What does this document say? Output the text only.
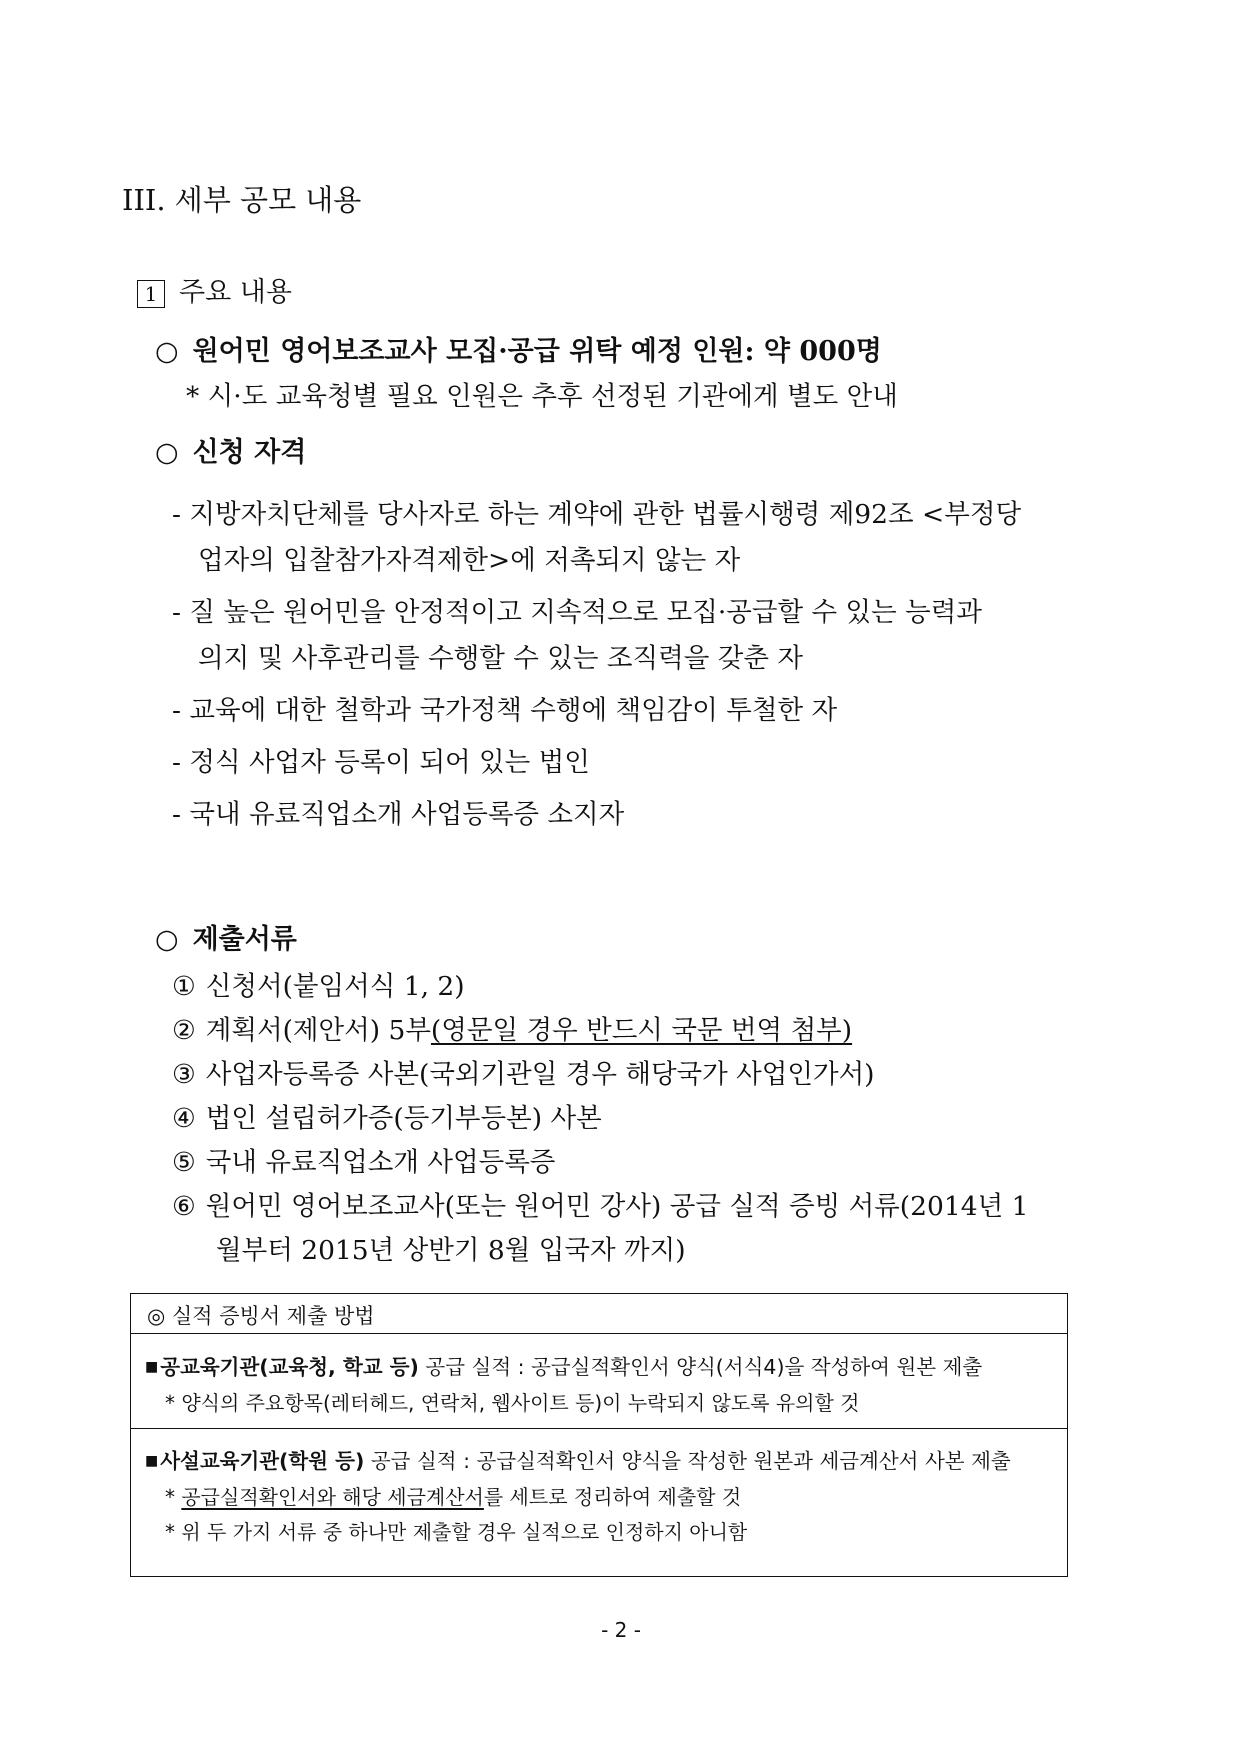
III. 세부 공모 내용
1 주요 내용
○ 원어민 영어보조교사 모집·공급 위탁 예정 인원: 약 000명
* 시·도 교육청별 필요 인원은 추후 선정된 기관에게 별도 안내
○ 신청 자격
- 지방자치단체를 당사자로 하는 계약에 관한 법률시행령 제92조 <부정당
업자의 입찰참가자격제한>에 저촉되지 않는 자
- 질 높은 원어민을 안정적이고 지속적으로 모집·공급할 수 있는 능력과
의지 및 사후관리를 수행할 수 있는 조직력을 갖춘 자
- 교육에 대한 철학과 국가정책 수행에 책임감이 투철한 자
- 정식 사업자 등록이 되어 있는 법인
- 국내 유료직업소개 사업등록증 소지자
○ 제출서류
① 신청서(붙임서식 1, 2)
② 계획서(제안서) 5부(영문일 경우 반드시 국문 번역 첨부)
③ 사업자등록증 사본(국외기관일 경우 해당국가 사업인가서)
④ 법인 설립허가증(등기부등본) 사본
⑤ 국내 유료직업소개 사업등록증
⑥ 원어민 영어보조교사(또는 원어민 강사) 공급 실적 증빙 서류(2014년 1
월부터 2015년 상반기 8월 입국자 까지)
◎ 실적 증빙서 제출 방법
■공교육기관(교육청, 학교 등) 공급 실적 : 공급실적확인서 양식(서식4)을 작성하여 원본 제출
* 양식의 주요항목(레터헤드, 연락처, 웹사이트 등)이 누락되지 않도록 유의할 것
■사설교육기관(학원 등) 공급 실적 : 공급실적확인서 양식을 작성한 원본과 세금계산서 사본 제출
* 공급실적확인서와 해당 세금계산서를 세트로 정리하여 제출할 것
* 위 두 가지 서류 중 하나만 제출할 경우 실적으로 인정하지 아니함
- 2 -
